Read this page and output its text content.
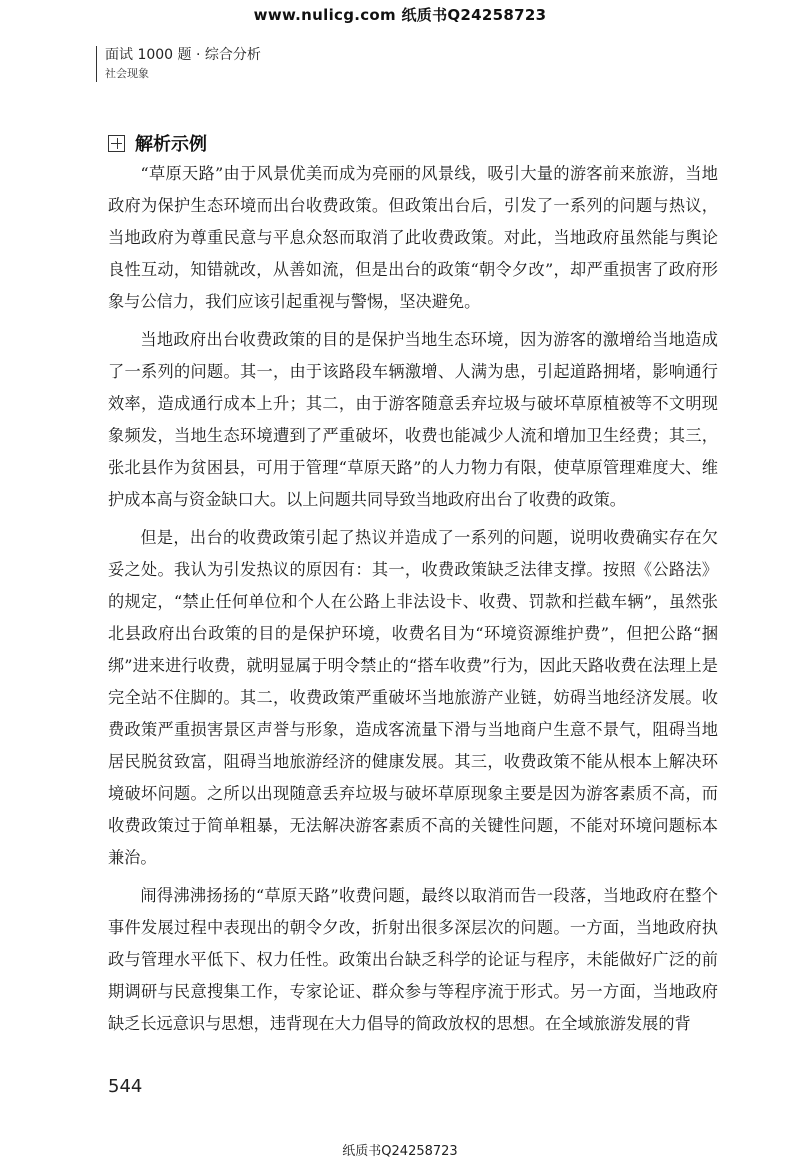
www.nulicg.com 纸质书Q24258723
面试 1000 题 · 综合分析
社会现象
解析示例

“草原天路”由于风景优美而成为亮丽的风景线，吸引大量的游客前来旅游，当地政府为保护生态环境而出台收费政策。但政策出台后，引发了一系列的问题与热议，当地政府为尊重民意与平息众怒而取消了此收费政策。对此，当地政府虽然能与舆论良性互动，知错就改，从善如流，但是出台的政策“朝令夕改”，却严重损害了政府形象与公信力，我们应该引起重视与警惕，坚决避免。

当地政府出台收费政策的目的是保护当地生态环境，因为游客的激增给当地造成了一系列的问题。其一，由于该路段车辆激增、人满为患，引起道路拥堵，影响通行效率，造成通行成本上升；其二，由于游客随意丢弃垃圾与破坏草原植被等不文明现象频发，当地生态环境遭到了严重破坏，收费也能减少人流和增加卫生经费；其三，张北县作为贫困县，可用于管理“草原天路”的人力物力有限，使草原管理难度大、维护成本高与资金缺口大。以上问题共同导致当地政府出台了收费的政策。

但是，出台的收费政策引起了热议并造成了一系列的问题，说明收费确实存在欠妥之处。我认为引发热议的原因有：其一，收费政策缺乏法律支撑。按照《公路法》的规定，“禁止任何单位和个人在公路上非法设卡、收费、罚款和拦截车辆”，虽然张北县政府出台政策的目的是保护环境，收费名目为“环境资源维护费”，但把公路“捆绑”进来进行收费，就明显属于明令禁止的“搭车收费”行为，因此天路收费在法理上是完全站不住脚的。其二，收费政策严重破坏当地旅游产业链，妨碍当地经济发展。收费政策严重损害景区声誉与形象，造成客流量下滑与当地商户生意不景气，阻碍当地居民脱贫致富，阻碍当地旅游经济的健康发展。其三，收费政策不能从根本上解决环境破坏问题。之所以出现随意丢弃垃圾与破坏草原现象主要是因为游客素质不高，而收费政策过于简单粗暴，无法解决游客素质不高的关键性问题，不能对环境问题标本兼治。

闹得沸沸扬扬的“草原天路”收费问题，最终以取消而告一段落，当地政府在整个事件发展过程中表现出的朝令夕改，折射出很多深层次的问题。一方面，当地政府执政与管理水平低下、权力任性。政策出台缺乏科学的论证与程序，未能做好广泛的前期调研与民意搜集工作，专家论证、群众参与等程序流于形式。另一方面，当地政府缺乏长远意识与思想，违背现在大力倡导的简政放权的思想。在全域旅游发展的背

544
纸质书Q24258723
